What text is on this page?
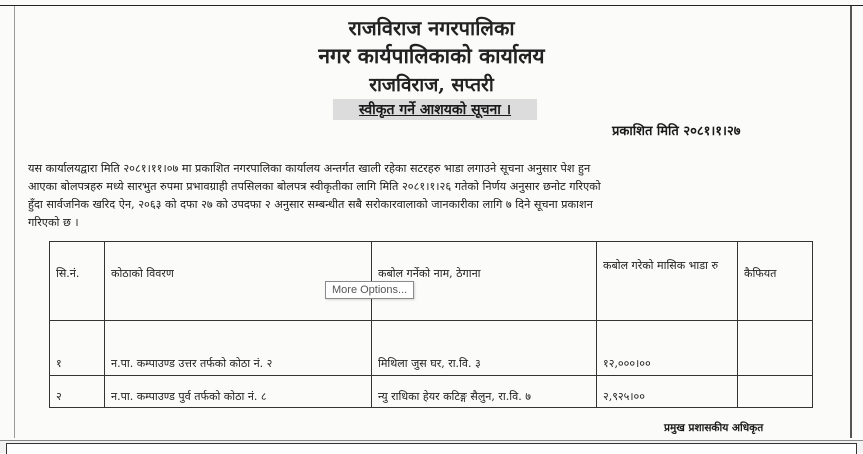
राजविराज नगरपालिका
नगर कार्यपालिकाको कार्यालय
राजविराज, सप्तरी
स्वीकृत गर्ने आशयको सूचना ।
प्रकाशित मिति २०८१।१।२७
यस कार्यालयद्वारा मिति २०८१।११।०७ मा प्रकाशित नगरपालिका कार्यालय अन्तर्गत खाली रहेका सटरहरु भाडा लगाउने सूचना अनुसार पेश हुन
आएका बोलपत्रहरु मध्ये सारभुत रुपमा प्रभावग्राही तपसिलका बोलपत्र स्वीकृतीका लागि मिति २०८१।१।२६ गतेको निर्णय अनुसार छनोट गरिएको
हुँदा सार्वजनिक खरिद ऐन, २०६३ को दफा २७ को उपदफा २ अनुसार सम्बन्धीत सबै सरोकारवालाको जानकारीका लागि ७ दिने सूचना प्रकाशन
गरिएको छ ।
सि.नं.	कोठाको विवरण	कबोल गर्नेको नाम, ठेगाना	कबोल गरेको मासिक भाडा रु	कैफियत
१	न.पा. कम्पाउण्ड उत्तर तर्फको कोठा नं. २	मिथिला जुस घर, रा.वि. ३	१२,०००।००	
२	न.पा. कम्पाउण्ड पुर्व तर्फको कोठा नं. ८	न्यु राधिका हेयर कटिङ्ग सैलुन, रा.वि. ७	२,९२५।००	
प्रमुख प्रशासकीय अधिकृत
More Options...
